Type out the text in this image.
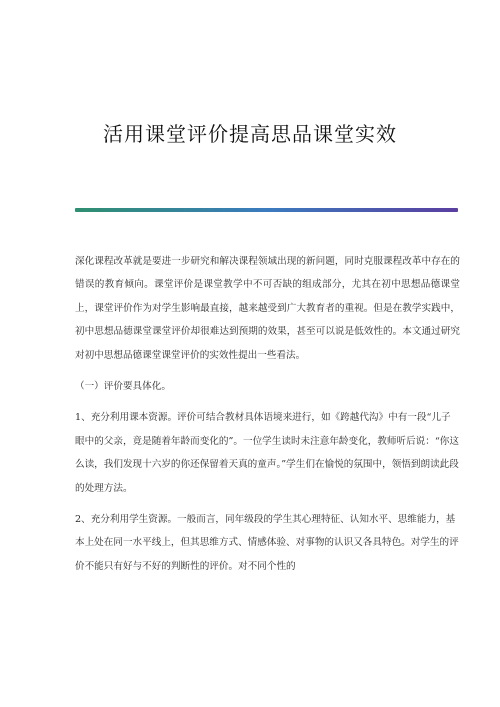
活用课堂评价提高思品课堂实效

深化课程改革就是要进一步研究和解决课程领域出现的新问题，同时克服课程改革中存在的错误的教育倾向。课堂评价是课堂教学中不可否缺的组成部分，尤其在初中思想品德课堂上，课堂评价作为对学生影响最直接，越来越受到广大教育者的重视。但是在教学实践中，初中思想品德课堂课堂评价却很难达到预期的效果，甚至可以说是低效性的。本文通过研究对初中思想品德课堂课堂评价的实效性提出一些看法。

（一）评价要具体化。

1、充分利用课本资源。评价可结合教材具体语境来进行，如《跨越代沟》中有一段“儿子眼中的父亲，竟是随着年龄而变化的”。一位学生读时未注意年龄变化，教师听后说：“你这么读，我们发现十六岁的你还保留着天真的童声。”学生们在愉悦的氛围中，领悟到朗读此段的处理方法。

2、充分利用学生资源。一般而言，同年级段的学生其心理特征、认知水平、思维能力，基本上处在同一水平线上，但其思维方式、情感体验、对事物的认识又各具特色。对学生的评价不能只有好与不好的判断性的评价。对不同个性的
